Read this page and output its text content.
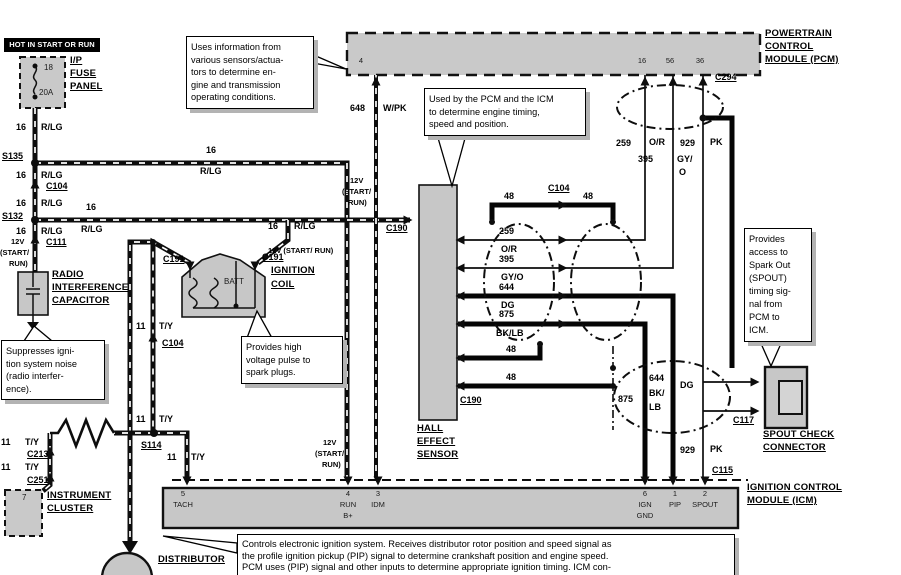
HOT IN START OR RUN	Uses information from
various sensors/actua-
tors to determine en-
gine and transmission
operating conditions.	Used by the PCM and the ICM
to determine engine timing,
speed and position.
Provides high
voltage pulse to
spark plugs.
Suppresses igni-
tion system noise
(radio interfer-
ence).
Provides
access to
Spark Out
(SPOUT)
timing sig-
nal from
PCM to
ICM.
Controls electronic ignition system. Receives distributor rotor position and speed signal as
the profile ignition pickup (PIP) signal to determine crankshaft position and engine speed.
PCM uses (PIP) signal and other inputs to determine appropriate ignition timing. ICM con-
18
20A
I/P
FUSE
PANEL
16 R/LG
S135
16 R/LG
C104
16 R/LG
S132
16 R/LG
12V
(START/
RUN)
C111
RADIO
INTERFERENCE
CAPACITOR
16
R/LG
16
R/LG	16 R/LG
12V (START/ RUN)
C191	C191
IGNITION
COIL
BATT
11 T/Y
C104
11 T/Y
S114
11 T/Y
11 T/Y
C213
11 T/Y
C251
7 INSTRUMENT
CLUSTER
DISTRIBUTOR
648 W/PK
12V
(START/
RUN)
C190
HALL
EFFECT
SENSOR
C190
48
C104
48
259
O/R
395
GY/O
644
DG
875
BK/LB
48
48
259 O/R
395	GY/
O
929 PK
C294
875
644
BK/
LB
DG
929 PK
C117
C115
SPOUT CHECK
CONNECTOR
POWERTRAIN
CONTROL
MODULE (PCM)
IGNITION CONTROL
MODULE (ICM)
12V
(START/
RUN)
4	16	56	36
5
TACH
4
RUN
B+
3
IDM
6
IGN
GND
1
PIP
2
SPOUT
